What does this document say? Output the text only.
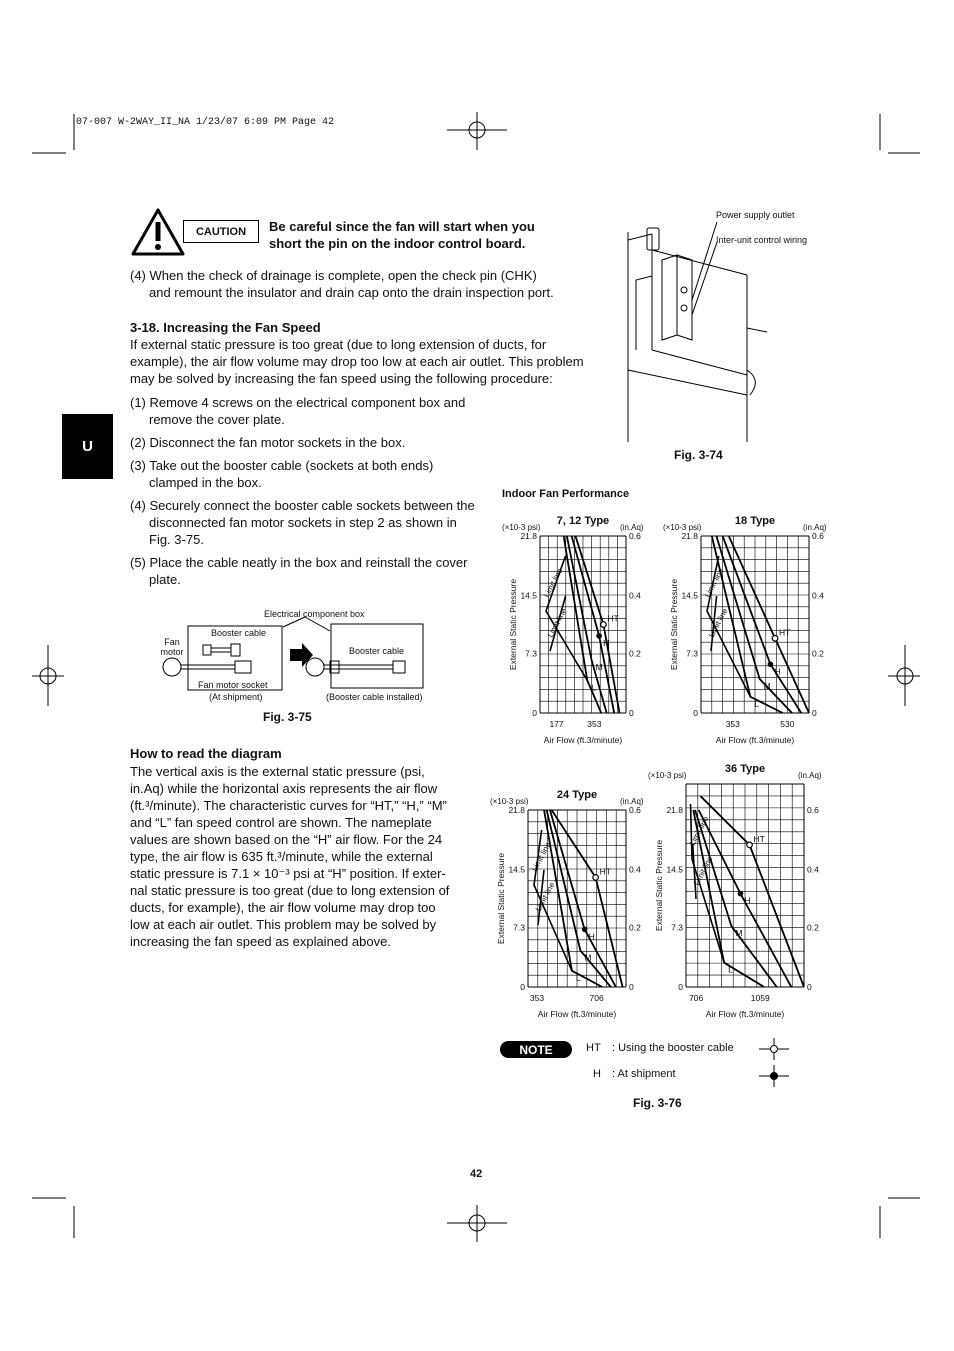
07-007 W-2WAY_II_NA 1/23/07 6:09 PM Page 42
U
CAUTION	Be careful since the fan will start when you
short the pin on the indoor control board.
(4) When the check of drainage is complete, open the check pin (CHK)
and remount the insulator and drain cap onto the drain inspection port.
3-18. Increasing the Fan Speed
If external static pressure is too great (due to long extension of ducts, for
example), the air flow volume may drop too low at each air outlet. This problem
may be solved by increasing the fan speed using the following procedure:
(1) Remove 4 screws on the electrical component box and
remove the cover plate.
(2) Disconnect the fan motor sockets in the box.
(3) Take out the booster cable (sockets at both ends)
clamped in the box.
(4) Securely connect the booster cable sockets between the
disconnected fan motor sockets in step 2 as shown in
Fig. 3-75.
(5) Place the cable neatly in the box and reinstall the cover
plate.
Electrical component box
Fan
motor
Booster cable
Booster cable
Fan motor socket
(At shipment)	(Booster cable installed)
Fig. 3-75
How to read the diagram
The vertical axis is the external static pressure (psi,
in.Aq) while the horizontal axis represents the air flow
(ft.³/minute). The characteristic curves for “HT,” “H,” “M”
and “L” fan speed control are shown. The nameplate
values are shown based on the “H” air flow. For the 24
type, the air flow is 635 ft.³/minute, while the external
static pressure is 7.1 × 10⁻³ psi at “H” position. If exter-
nal static pressure is too great (due to long extension of
ducts, for example), the air flow volume may drop too
low at each air outlet. This problem may be solved by
increasing the fan speed as explained above.
Power supply outlet
Inter-unit control wiring
Fig. 3-74
Indoor Fan Performance
HT
H
M
L
Limit line
Limit line
7, 12 Type
(×10-3 psi)	(in.Aq)
0
7.3
14.5
21.8
0
0.2
0.4
0.6
177	353
Air Flow (ft.3/minute)
External Static Pressure	HT
H
M
L
Limit line
Limit line
18 Type
(×10-3 psi)	(in.Aq)
0
7.3
14.5
21.8
0
0.2
0.4
0.6
353	530
Air Flow (ft.3/minute)
External Static Pressure
HT
H
M
L
Limit line
Limit line
24 Type
(×10-3 psi)	(in.Aq)
0
7.3
14.5
21.8
0
0.2
0.4
0.6
353	706
Air Flow (ft.3/minute)
External Static Pressure
HT
H
M
L
Limit line
Limit line
36 Type
(×10-3 psi)	(in.Aq)
0
7.3
14.5
21.8
0
0.2
0.4
0.6
706	1059
Air Flow (ft.3/minute)
External Static Pressure
NOTE	HT : Using the booster cable
H : At shipment
Fig. 3-76
42
